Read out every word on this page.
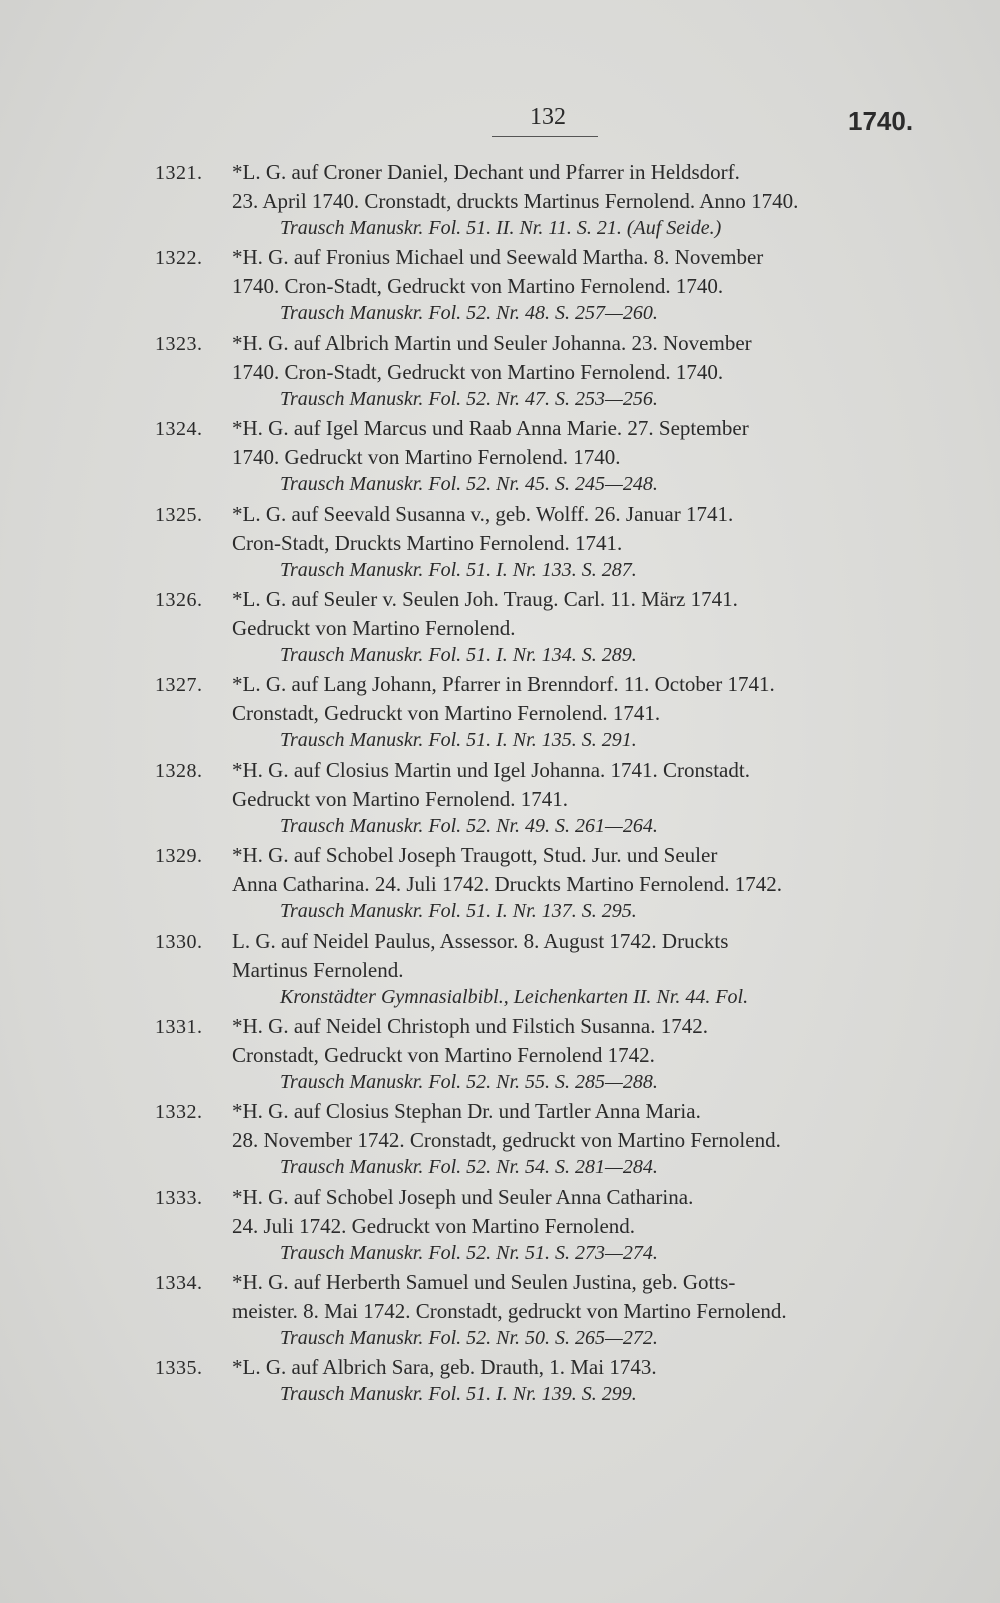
132	1740.
1321. *L. G. auf Croner Daniel, Dechant und Pfarrer in Heldsdorf.
23. April 1740. Cronstadt, druckts Martinus Fernolend. Anno 1740.
Trausch Manuskr. Fol. 51. II. Nr. 11. S. 21. (Auf Seide.)
1322. *H. G. auf Fronius Michael und Seewald Martha. 8. November
1740. Cron-Stadt, Gedruckt von Martino Fernolend. 1740.
Trausch Manuskr. Fol. 52. Nr. 48. S. 257—260.
1323. *H. G. auf Albrich Martin und Seuler Johanna. 23. November
1740. Cron-Stadt, Gedruckt von Martino Fernolend. 1740.
Trausch Manuskr. Fol. 52. Nr. 47. S. 253—256.
1324. *H. G. auf Igel Marcus und Raab Anna Marie. 27. September
1740. Gedruckt von Martino Fernolend. 1740.
Trausch Manuskr. Fol. 52. Nr. 45. S. 245—248.
1325. *L. G. auf Seevald Susanna v., geb. Wolff. 26. Januar 1741.
Cron-Stadt, Druckts Martino Fernolend. 1741.
Trausch Manuskr. Fol. 51. I. Nr. 133. S. 287.
1326. *L. G. auf Seuler v. Seulen Joh. Traug. Carl. 11. März 1741.
Gedruckt von Martino Fernolend.
Trausch Manuskr. Fol. 51. I. Nr. 134. S. 289.
1327. *L. G. auf Lang Johann, Pfarrer in Brenndorf. 11. October 1741.
Cronstadt, Gedruckt von Martino Fernolend. 1741.
Trausch Manuskr. Fol. 51. I. Nr. 135. S. 291.
1328. *H. G. auf Closius Martin und Igel Johanna. 1741. Cronstadt.
Gedruckt von Martino Fernolend. 1741.
Trausch Manuskr. Fol. 52. Nr. 49. S. 261—264.
1329. *H. G. auf Schobel Joseph Traugott, Stud. Jur. und Seuler
Anna Catharina. 24. Juli 1742. Druckts Martino Fernolend. 1742.
Trausch Manuskr. Fol. 51. I. Nr. 137. S. 295.
1330. L. G. auf Neidel Paulus, Assessor. 8. August 1742. Druckts
Martinus Fernolend.
Kronstädter Gymnasialbibl., Leichenkarten II. Nr. 44. Fol.
1331. *H. G. auf Neidel Christoph und Filstich Susanna. 1742.
Cronstadt, Gedruckt von Martino Fernolend 1742.
Trausch Manuskr. Fol. 52. Nr. 55. S. 285—288.
1332. *H. G. auf Closius Stephan Dr. und Tartler Anna Maria.
28. November 1742. Cronstadt, gedruckt von Martino Fernolend.
Trausch Manuskr. Fol. 52. Nr. 54. S. 281—284.
1333. *H. G. auf Schobel Joseph und Seuler Anna Catharina.
24. Juli 1742. Gedruckt von Martino Fernolend.
Trausch Manuskr. Fol. 52. Nr. 51. S. 273—274.
1334. *H. G. auf Herberth Samuel und Seulen Justina, geb. Gotts-
meister. 8. Mai 1742. Cronstadt, gedruckt von Martino Fernolend.
Trausch Manuskr. Fol. 52. Nr. 50. S. 265—272.
1335. *L. G. auf Albrich Sara, geb. Drauth, 1. Mai 1743.
Trausch Manuskr. Fol. 51. I. Nr. 139. S. 299.
